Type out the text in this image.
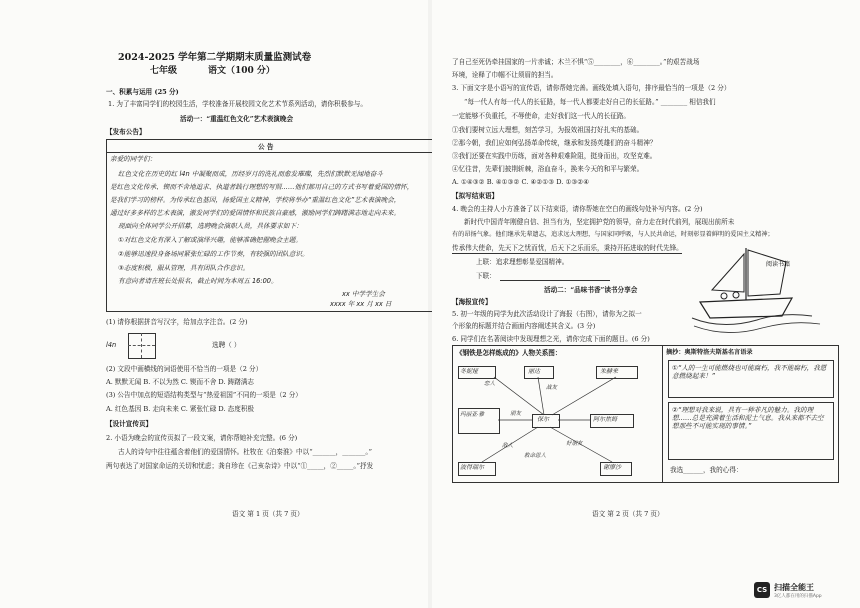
2024-2025 学年第二学期期末质量监测试卷
七年级	语文（100 分）
一、积累与运用 (25 分)
1. 为了丰富同学们的校园生活，学校准备开展校园文化艺术节系列活动，请你积极参与。
活动一：“重温红色文化”艺术表演晚会
【发布公告】
公 告
亲爱的同学们：
红色文化在历史的红 l4n 中凝聚而成，历经岁月的洗礼而愈发璀璨，先烈们默默无闻地奋斗
是红色文化传承、锲而不舍地追求、执道者践行理想的写照……他们都用自己的方式书写着爱国的情怀，
是我们学习的榜样。为传承红色基因，扬爱国主义精神，学校将举办“重温红色文化”艺术表演晚会，
通过好多多样的艺术表演，激发同学们的爱国情怀和民族自豪感，激励同学们踌躇满志地走向未来。
现面向全体同学公开招募，选聘晚会演职人员，具体要求如下：
①对红色文化有深入了解或演绎兴趣，能够准确把握晚会主题。
②能够迅速投身备场同紧张忙碌的工作节奏，有较强的团队意识。
③态度积极，服从管理，具有团队合作意识。
有意向者请在班长处报名，截止时间为本周五 16:00。
xx 中学学生会
xxxx 年 xx 月 xx 日
(1) 请你根据拼音写汉字，给加点字注音。(2 分)
l4n	选聘（ ）
(2) 文段中画横线的词语使用不恰当的一项是（2 分）
A. 默默无闻 B. 不以为然 C. 锲而不舍 D. 踌躇满志
(3) 公告中加点的短语结构类型与“热爱祖国”不同的一项是（2 分）
A. 红色基因 B. 走向未来 C. 紧张忙碌 D. 态度积极
【设计宣传页】
2. 小语为晚会的宣传页拟了一段文案，请你帮她补充完整。(6 分)
古人的诗句中往往蕴含着他们的爱国情怀。杜牧在《泊秦淮》中以“_______，_______。”
两句表达了对国家命运的关切和忧虑；龚自珍在《己亥杂诗》中以“①_____，②_____。”抒发
语文 第 1 页（共 7 页）
了自己至死仍牵挂国家的一片赤诚；木兰不惧“⑤________，⑥________。”的艰苦战场
环境，诠释了巾帼不让须眉的担当。
3. 下面文字是小语写的宣传语，请你帮她完善。画线处填入语句，排序最恰当的一项是（2 分）
“每一代人有每一代人的长征路，每一代人都要走好自己的长征路。” ________ 相信我们
一定能够不负重托，不辱使命，走好我们这一代人的长征路。
①我们要树立远大理想，刻苦学习，为报效祖国打好扎实的基础。
②那今朝，我们应如何弘扬革命传统，继承和发扬英雄们的奋斗精神？
③我们还要在实践中历练，面对各种艰难险阻，挺身而出，攻坚克难。
④忆往昔，先辈们披荆斩棘，浴血奋斗，换来今天的和平与繁荣。
A. ①④③② B. ④①③② C. ④②①③ D. ①③②④
【拟写结束语】
4. 晚会的主持人小方准备了以下结束语，请你帮她在空白的画线句处补写内容。(2 分)
新时代中国青年刚健自信、担当有为，坚定拥护党的领导，奋力走在时代前列，展现出前所未
有的昂扬气象。他们继承先辈遗志，追求远大理想，与国家同呼吸，与人民共命运，时刻彰显着鲜明的爱国主义精神；
传承伟大使命，先天下之忧而忧，后天下之乐而乐，秉持开拓进取的时代先锋。
上联：追求理想彰显爱国精神。
下联：
活动二：“品味书香”读书分享会
【海报宣传】
5. 初一年级的同学为此次活动设计了海报（右图），请你为之拟一
个形象的标题并结合画面内容阐述其含义。(3 分)
6. 同学们在名著阅读中发现理想之光，请你完成下面的题目。(6 分)
阅读书籍
《钢铁是怎样炼成的》人物关系图：
冬妮娅	丽达	朱赫来
玛丽亚·雅
保尔	阿尔焦姆
波得瑞尔	谢廖沙
恋人
战友
朋友
敌人	好朋友
救命恩人
摘抄：奥斯特洛夫斯基名言语录
①“人的一生可能燃烧也可能腐朽，我不能腐朽，我愿意燃烧起来！”
②“理想对我来说，具有一种非凡的魅力。我的理想……总是充满着生活和泥土气息。我从来都不去空想那些不可能实现的事情。”
我选______，我的心得：
语文 第 2 页（共 7 页）
CS 扫描全能王
3亿人都在用的扫描App
